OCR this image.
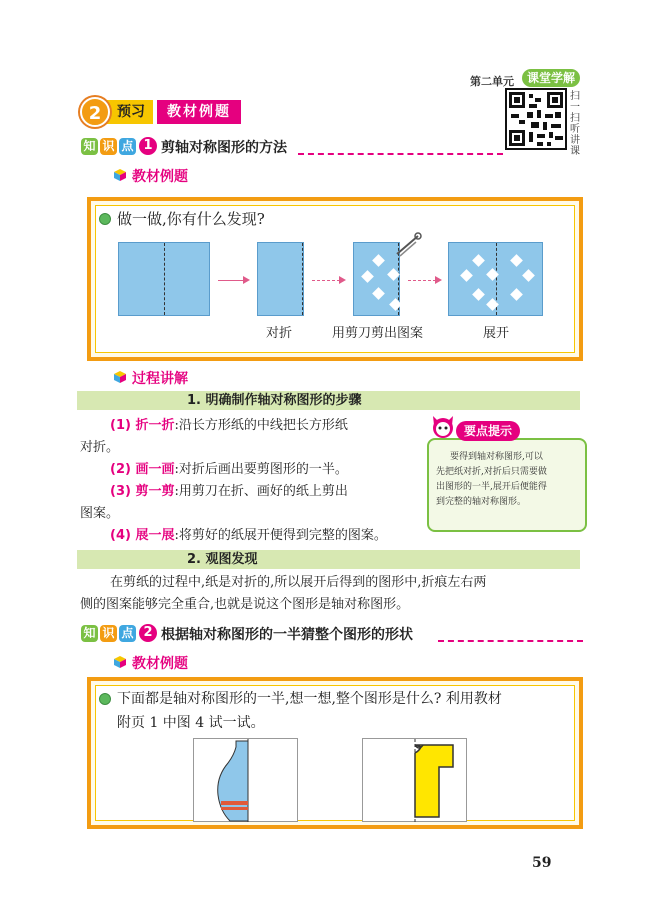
第二单元	课堂学解
扫一扫 听讲课
预习
2	教材例题
知 识 点 1 剪轴对称图形的方法
教材例题
做一做,你有什么发现?
对折	用剪刀剪出图案	展开
过程讲解
1. 明确制作轴对称图形的步骤
(1) 折一折:沿长方形纸的中线把长方形纸
对折。
(2) 画一画:对折后画出要剪图形的一半。
(3) 剪一剪:用剪刀在折、画好的纸上剪出
图案。
(4) 展一展:将剪好的纸展开便得到完整的图案。
要点提示
要得到轴对称图形,可以
先把纸对折,对折后只需要做
出图形的一半,展开后便能得
到完整的轴对称图形。
2. 观图发现
在剪纸的过程中,纸是对折的,所以展开后得到的图形中,折痕左右两
侧的图案能够完全重合,也就是说这个图形是轴对称图形。
知 识 点 2 根据轴对称图形的一半猜整个图形的形状
教材例题
下面都是轴对称图形的一半,想一想,整个图形是什么? 利用教材
附页 1 中图 4 试一试。
59
